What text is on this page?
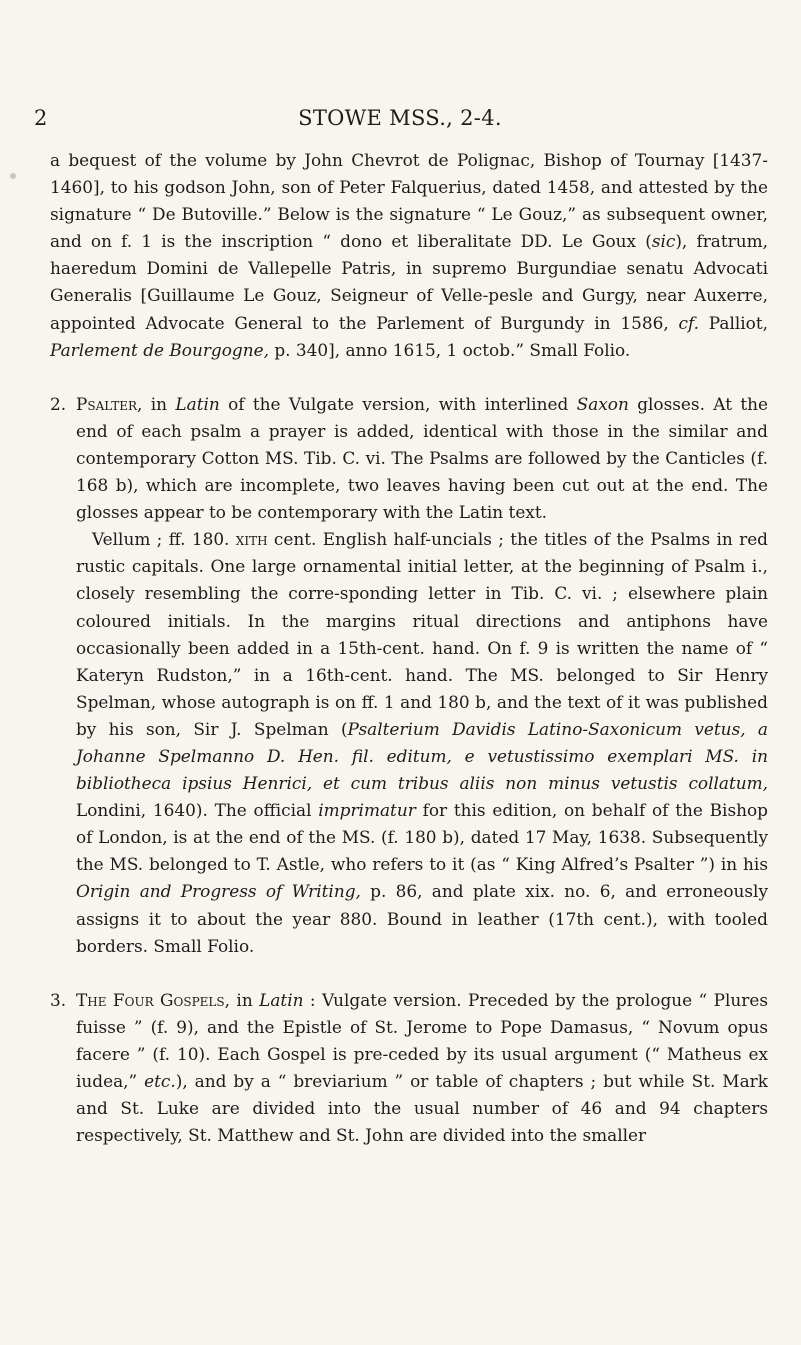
2	STOWE MSS., 2-4.

a bequest of the volume by John Chevrot de Polignac, Bishop of Tournay [1437-1460], to his godson John, son of Peter Falquerius, dated 1458, and attested by the signature “ De Butoville.” Below is the signature “ Le Gouz,” as subsequent owner, and on f. 1 is the inscription “ dono et liberalitate DD. Le Goux (sic), fratrum, haeredum Domini de Vallepelle Patris, in supremo Burgundiae senatu Advocati Generalis [Guillaume Le Gouz, Seigneur of Velle-pesle and Gurgy, near Auxerre, appointed Advocate General to the Parlement of Burgundy in 1586, cf. Palliot, Parlement de Bourgogne, p. 340], anno 1615, 1 octob.” Small Folio.

2. Psalter, in Latin of the Vulgate version, with interlined Saxon glosses. At the end of each psalm a prayer is added, identical with those in the similar and contemporary Cotton MS. Tib. C. vi. The Psalms are followed by the Canticles (f. 168 b), which are incomplete, two leaves having been cut out at the end. The glosses appear to be contemporary with the Latin text.

Vellum ; ff. 180. xith cent. English half-uncials ; the titles of the Psalms in red rustic capitals. One large ornamental initial letter, at the beginning of Psalm i., closely resembling the corre-sponding letter in Tib. C. vi. ; elsewhere plain coloured initials. In the margins ritual directions and antiphons have occasionally been added in a 15th-cent. hand. On f. 9 is written the name of “ Kateryn Rudston,” in a 16th-cent. hand. The MS. belonged to Sir Henry Spelman, whose autograph is on ff. 1 and 180 b, and the text of it was published by his son, Sir J. Spelman (Psalterium Davidis Latino-Saxonicum vetus, a Johanne Spelmanno D. Hen. fil. editum, e vetustissimo exemplari MS. in bibliotheca ipsius Henrici, et cum tribus aliis non minus vetustis collatum, Londini, 1640). The official imprimatur for this edition, on behalf of the Bishop of London, is at the end of the MS. (f. 180 b), dated 17 May, 1638. Subsequently the MS. belonged to T. Astle, who refers to it (as “ King Alfred’s Psalter ”) in his Origin and Progress of Writing, p. 86, and plate xix. no. 6, and erroneously assigns it to about the year 880. Bound in leather (17th cent.), with tooled borders. Small Folio.

3. The Four Gospels, in Latin : Vulgate version. Preceded by the prologue “ Plures fuisse ” (f. 9), and the Epistle of St. Jerome to Pope Damasus, “ Novum opus facere ” (f. 10). Each Gospel is pre-ceded by its usual argument (“ Matheus ex iudea,” etc.), and by a “ breviarium ” or table of chapters ; but while St. Mark and St. Luke are divided into the usual number of 46 and 94 chapters respectively, St. Matthew and St. John are divided into the smaller
